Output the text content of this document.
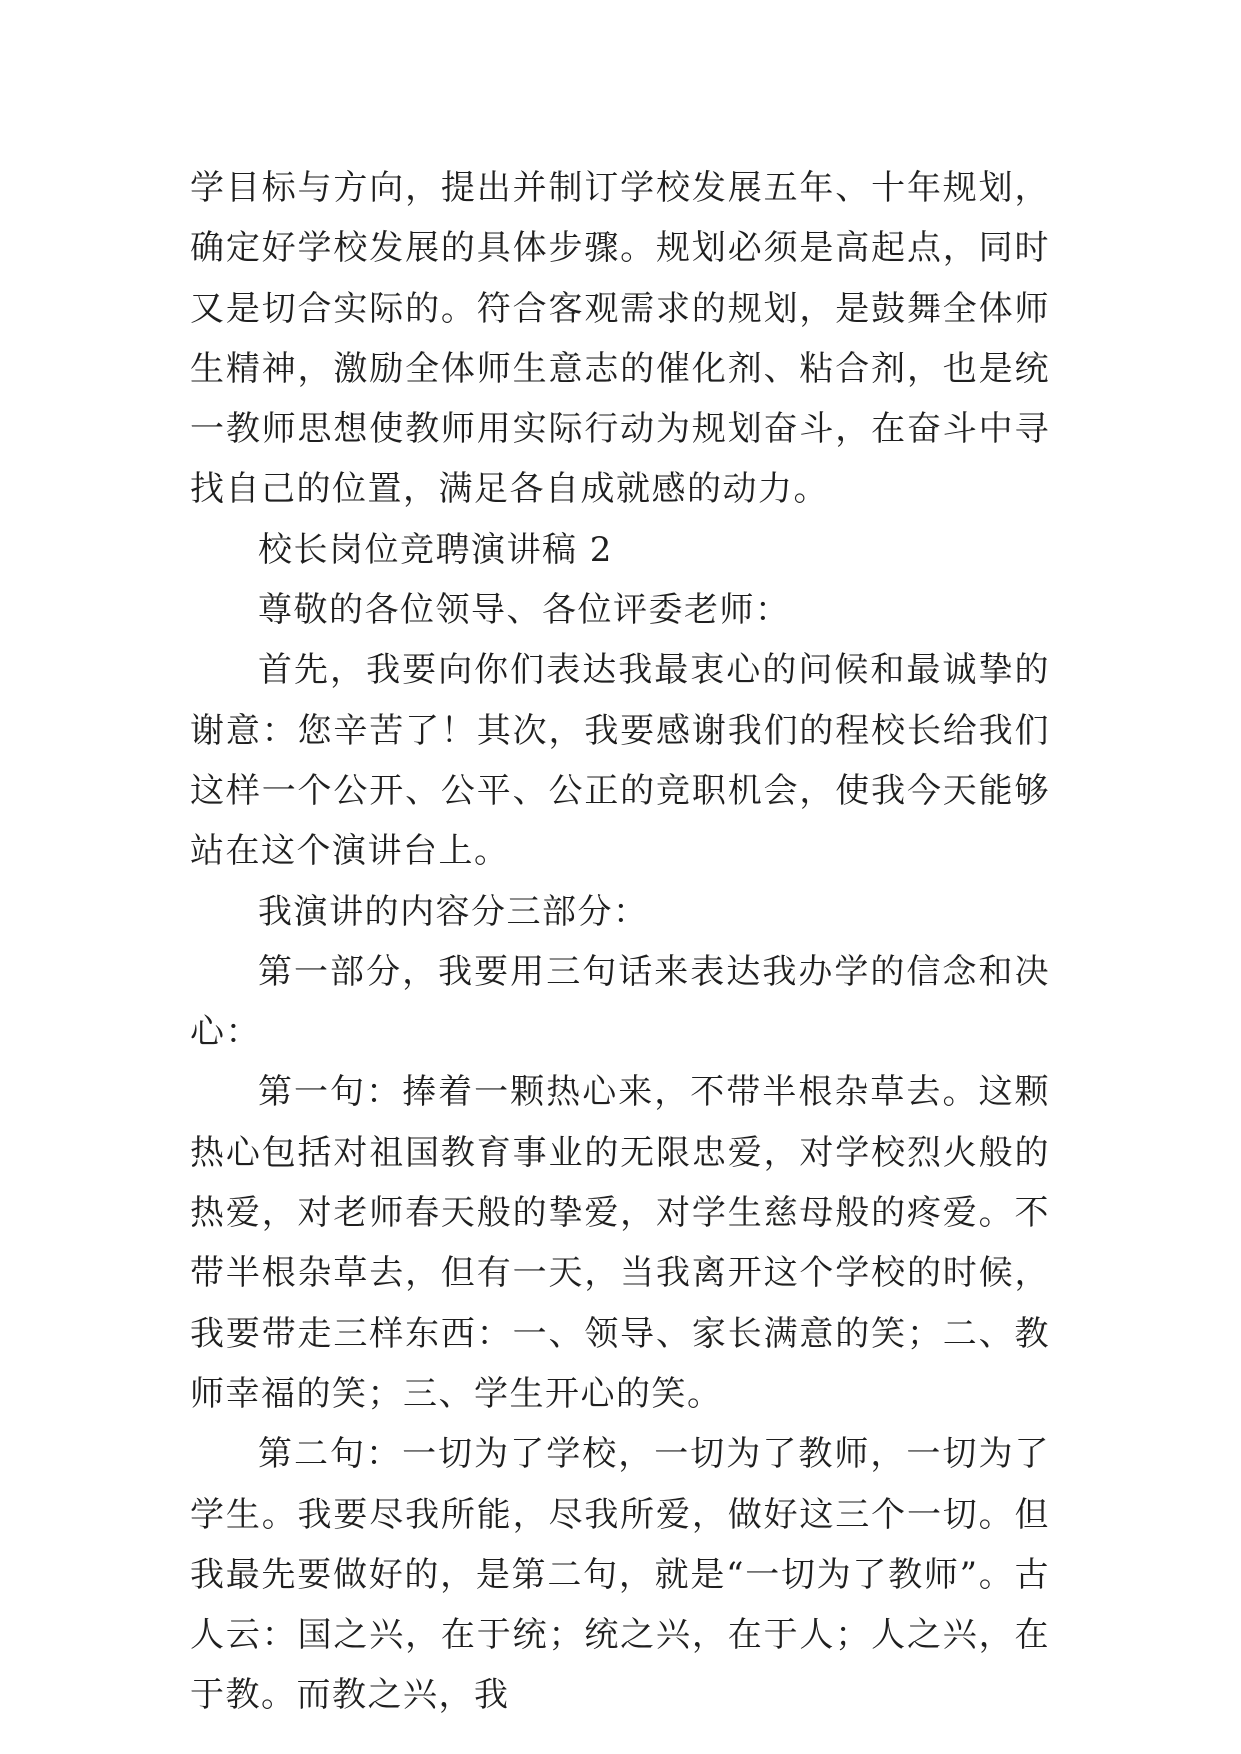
学目标与方向，提出并制订学校发展五年、十年规划，确定好学校发展的具体步骤。规划必须是高起点，同时又是切合实际的。符合客观需求的规划，是鼓舞全体师生精神，激励全体师生意志的催化剂、粘合剂，也是统一教师思想使教师用实际行动为规划奋斗，在奋斗中寻找自己的位置，满足各自成就感的动力。

校长岗位竞聘演讲稿 2

尊敬的各位领导、各位评委老师：

首先，我要向你们表达我最衷心的问候和最诚挚的谢意：您辛苦了！其次，我要感谢我们的程校长给我们这样一个公开、公平、公正的竞职机会，使我今天能够站在这个演讲台上。

我演讲的内容分三部分：

第一部分，我要用三句话来表达我办学的信念和决心：

第一句：捧着一颗热心来，不带半根杂草去。这颗热心包括对祖国教育事业的无限忠爱，对学校烈火般的热爱，对老师春天般的挚爱，对学生慈母般的疼爱。不带半根杂草去，但有一天，当我离开这个学校的时候，我要带走三样东西：一、领导、家长满意的笑；二、教师幸福的笑；三、学生开心的笑。

第二句：一切为了学校，一切为了教师，一切为了学生。我要尽我所能，尽我所爱，做好这三个一切。但我最先要做好的，是第二句，就是“一切为了教师”。古人云：国之兴，在于统；统之兴，在于人；人之兴，在于教。而教之兴，我
